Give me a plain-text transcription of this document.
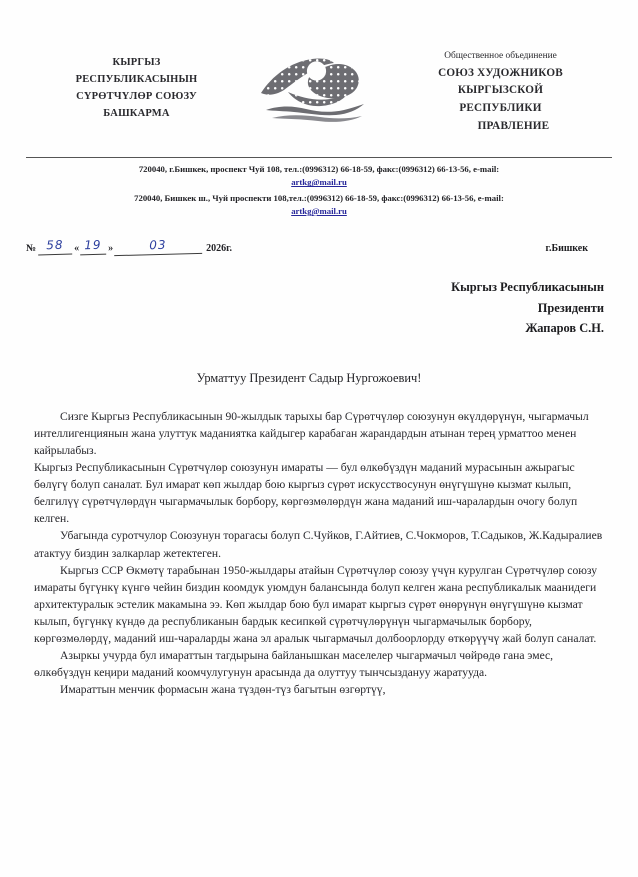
КЫРГЫЗ
РЕСПУБЛИКАСЫНЫН
СҮРӨТЧҮЛӨР СОЮЗУ
БАШКАРМА
Общественное объединение
СОЮЗ ХУДОЖНИКОВ
КЫРГЫЗСКОЙ
РЕСПУБЛИКИ
ПРАВЛЕНИЕ
720040, г.Бишкек, проспект Чуй 108, тел.:(0996312) 66-18-59, факс:(0996312) 66-13-56, e-mail:
artkg@mail.ru
720040, Бишкек ш., Чуй проспекти 108,тел.:(0996312) 66-18-59, факс:(0996312) 66-13-56, e-mail:
artkg@mail.ru
№ 58	« 19 »	03	2026г.	г.Бишкек
Кыргыз Республикасынын
Президенти
Жапаров С.Н.
Урматтуу Президент Садыр Нургожоевич!

Сизге Кыргыз Республикасынын 90-жылдык тарыхы бар Сүрөтчүлөр союзунун өкүлдөрүнүн, чыгармачыл интеллигенциянын жана улуттук маданиятка кайдыгер карабаган жарандардын атынан терең урматтоо менен кайрылабыз.

Кыргыз Республикасынын Сүрөтчүлөр союзунун имараты — бул өлкөбүздүн маданий мурасынын ажырагыс бөлүгү болуп саналат. Бул имарат көп жылдар бою кыргыз сүрөт искусствосунун өнүгүшүнө кызмат кылып, белгилүү сүрөтчүлөрдүн чыгармачылык борбору, көргөзмөлөрдүн жана маданий иш-чаралардын очогу болуп келген.

Убагында суротчулор Союзунун торагасы болуп С.Чуйков, Г.Айтиев, С.Чокморов, Т.Садыков, Ж.Кадыралиев атактуу биздин залкарлар жетектеген.

Кыргыз ССР Өкмөтү тарабынан 1950-жылдары атайын Сүрөтчүлөр союзу үчүн курулган Сүрөтчүлөр союзу имараты бүгүнкү күнгө чейин биздин коомдук уюмдун балансында болуп келген жана республикалык маанидеги архитектуралык эстелик макамына ээ. Көп жылдар бою бул имарат кыргыз сүрөт өнөрүнүн өнүгүшүнө кызмат кылып, бүгүнкү күндө да республиканын бардык кесипкөй сүрөтчүлөрүнүн чыгармачылык борбору, көргөзмөлөрдү, маданий иш-чараларды жана эл аралык чыгармачыл долбоорлорду өткөрүүчү жай болуп саналат.

Азыркы учурда бул имараттын тагдырына байланышкан маселелер чыгармачыл чөйрөдө гана эмес, өлкөбүздүн кеңири маданий коомчулугунун арасында да олуттуу тынчсыздануу жаратууда.

Имараттын менчик формасын жана түздөн-түз багытын өзгөртүү,
